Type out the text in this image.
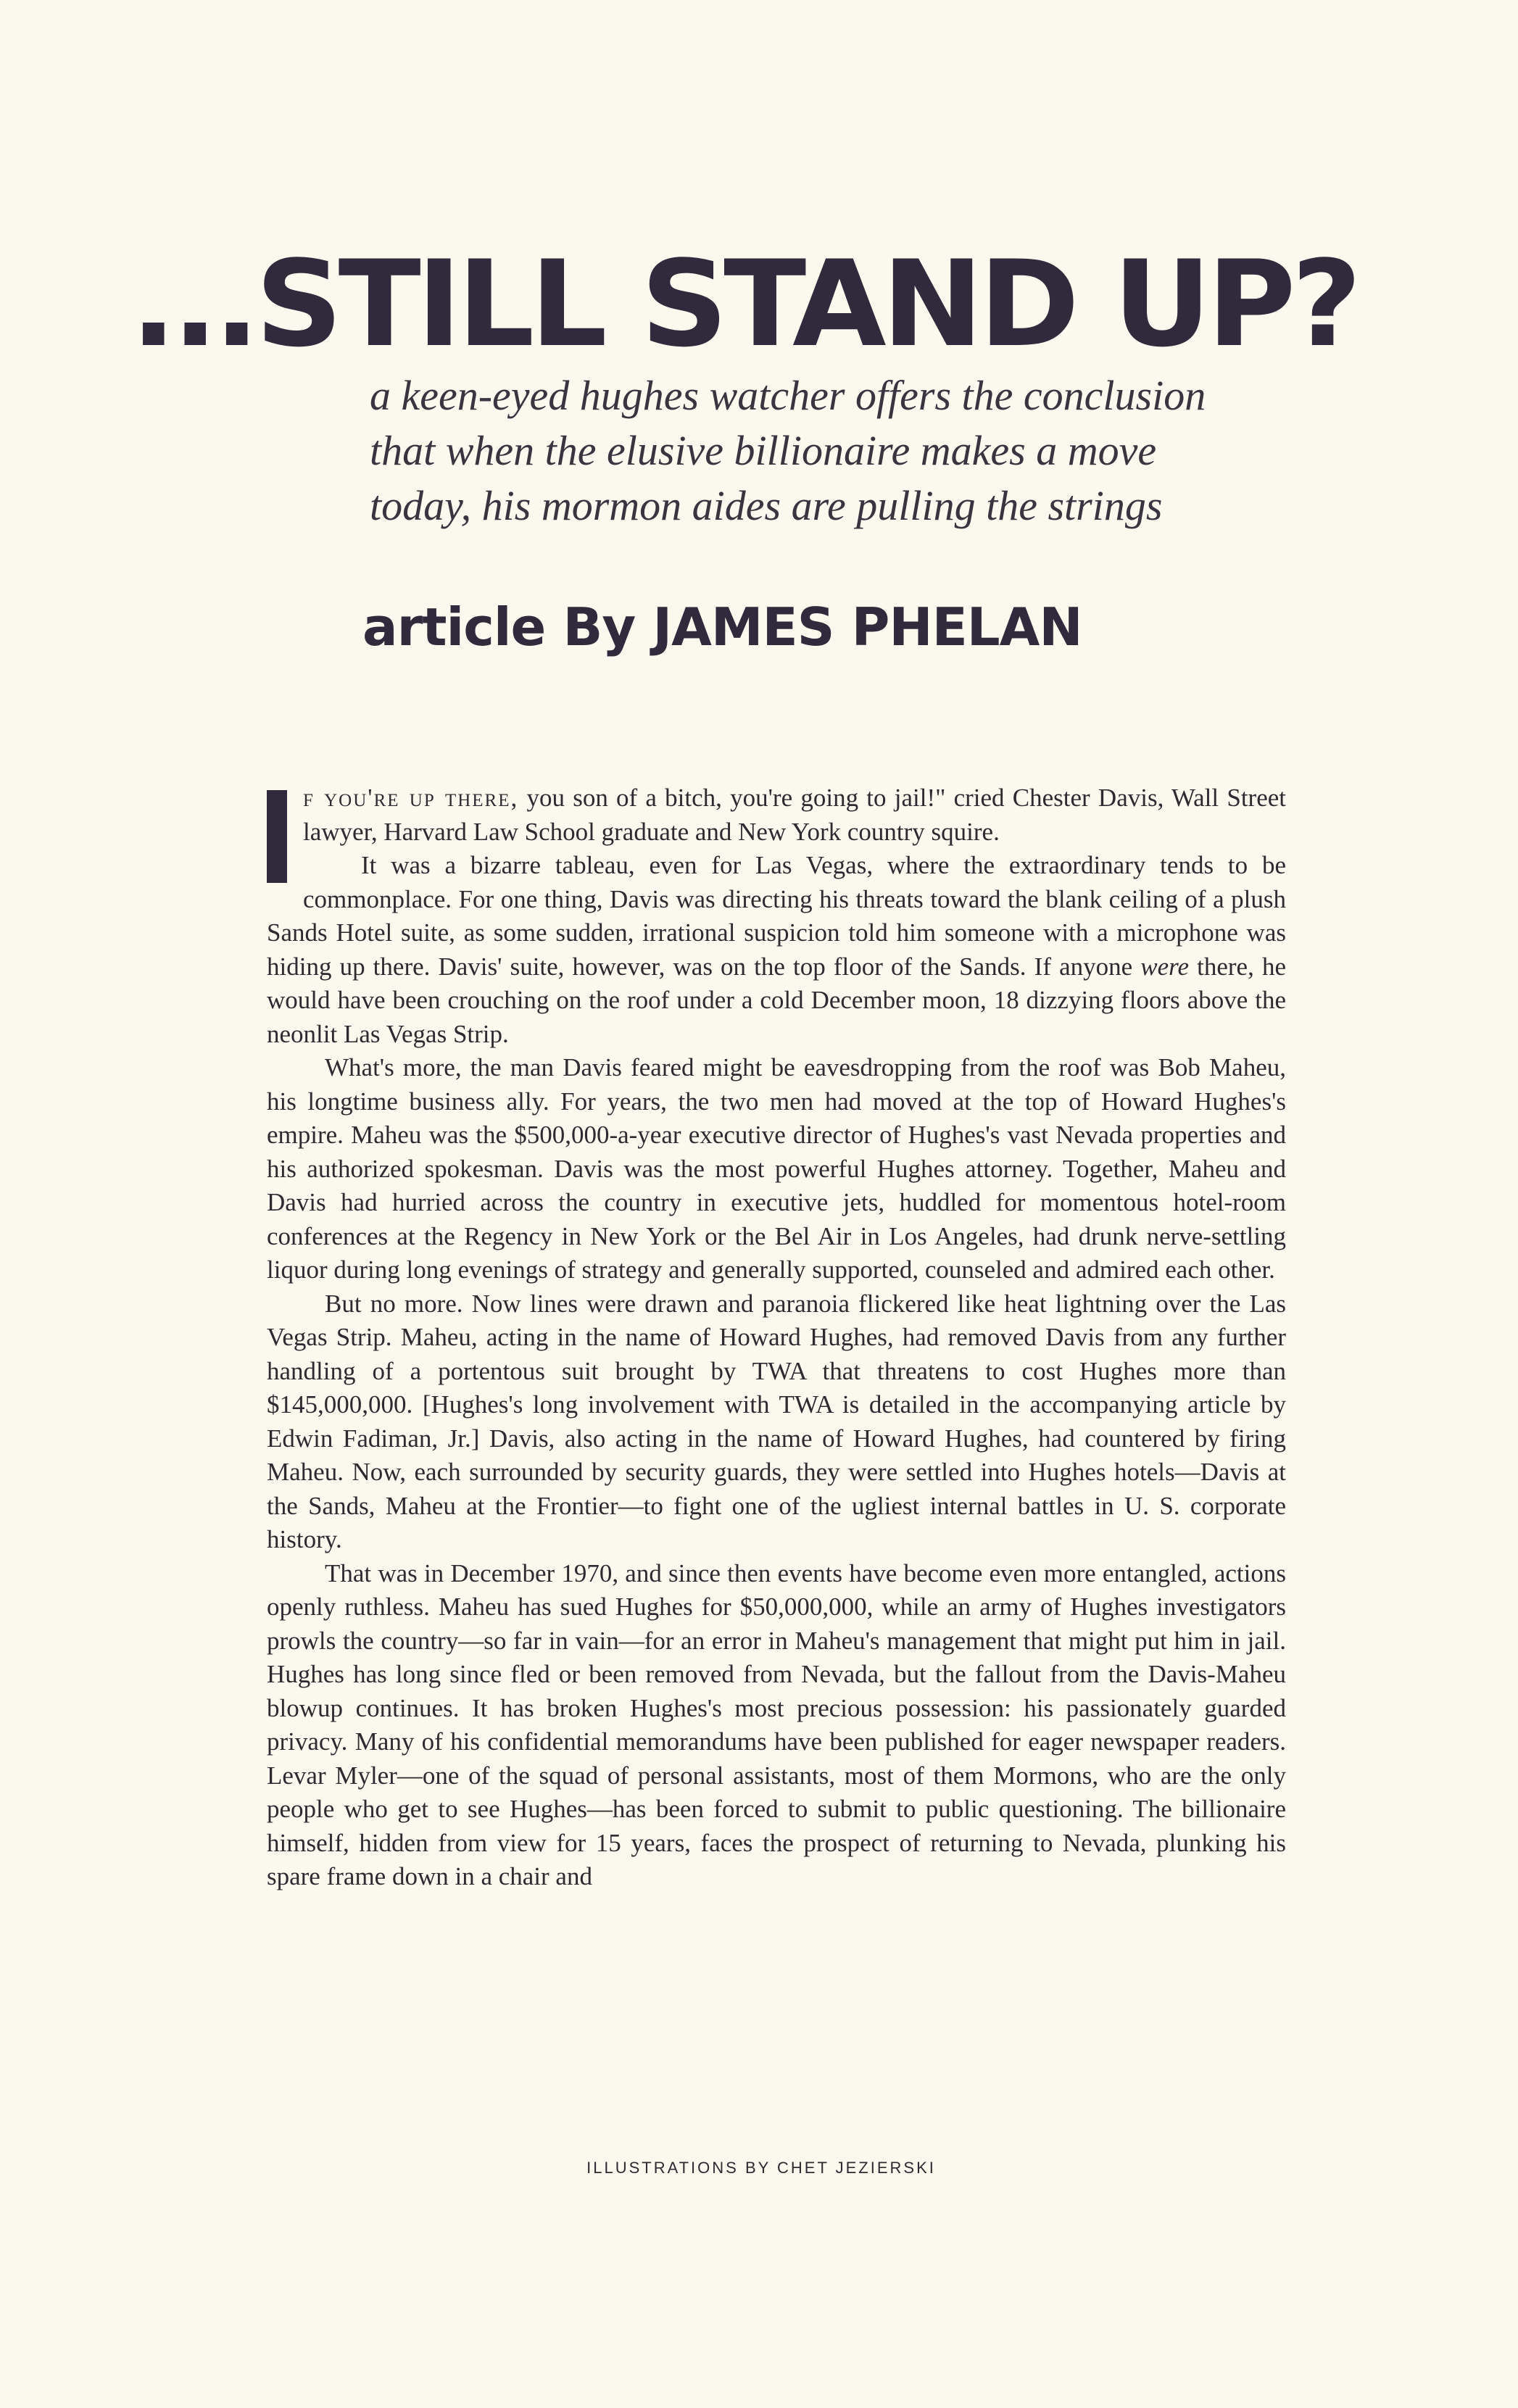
...STILL STAND UP?
a keen-eyed hughes watcher offers the conclusion
that when the elusive billionaire makes a move
today, his mormon aides are pulling the strings
article By JAMES PHELAN

f you're up there, you son of a bitch, you're going to jail!" cried Chester Davis, Wall Street lawyer, Harvard Law School graduate and New York country squire.

It was a bizarre tableau, even for Las Vegas, where the extraordinary tends to be commonplace. For one thing, Davis was directing his threats toward the blank ceiling of a plush Sands Hotel suite, as some sudden, irrational suspicion told him someone with a microphone was hiding up there. Davis' suite, however, was on the top floor of the Sands. If anyone were there, he would have been crouching on the roof under a cold December moon, 18 dizzying floors above the neonlit Las Vegas Strip.

What's more, the man Davis feared might be eavesdropping from the roof was Bob Maheu, his longtime business ally. For years, the two men had moved at the top of Howard Hughes's empire. Maheu was the $500,000-a-year executive director of Hughes's vast Nevada properties and his authorized spokesman. Davis was the most powerful Hughes attorney. Together, Maheu and Davis had hurried across the country in executive jets, huddled for momentous hotel-room conferences at the Regency in New York or the Bel Air in Los Angeles, had drunk nerve-settling liquor during long evenings of strategy and generally supported, counseled and admired each other.

But no more. Now lines were drawn and paranoia flickered like heat lightning over the Las Vegas Strip. Maheu, acting in the name of Howard Hughes, had removed Davis from any further handling of a portentous suit brought by TWA that threatens to cost Hughes more than $145,000,000. [Hughes's long involvement with TWA is detailed in the accompanying article by Edwin Fadiman, Jr.] Davis, also acting in the name of Howard Hughes, had countered by firing Maheu. Now, each surrounded by security guards, they were settled into Hughes hotels—Davis at the Sands, Maheu at the Frontier—to fight one of the ugliest internal battles in U. S. corporate history.

That was in December 1970, and since then events have become even more entangled, actions openly ruthless. Maheu has sued Hughes for $50,000,000, while an army of Hughes investigators prowls the country—so far in vain—for an error in Maheu's management that might put him in jail. Hughes has long since fled or been removed from Nevada, but the fallout from the Davis-Maheu blowup continues. It has broken Hughes's most precious possession: his passionately guarded privacy. Many of his confidential memorandums have been published for eager newspaper readers. Levar Myler—one of the squad of personal assistants, most of them Mormons, who are the only people who get to see Hughes—has been forced to submit to public questioning. The billionaire himself, hidden from view for 15 years, faces the prospect of returning to Nevada, plunking his spare frame down in a chair and

ILLUSTRATIONS BY CHET JEZIERSKI
